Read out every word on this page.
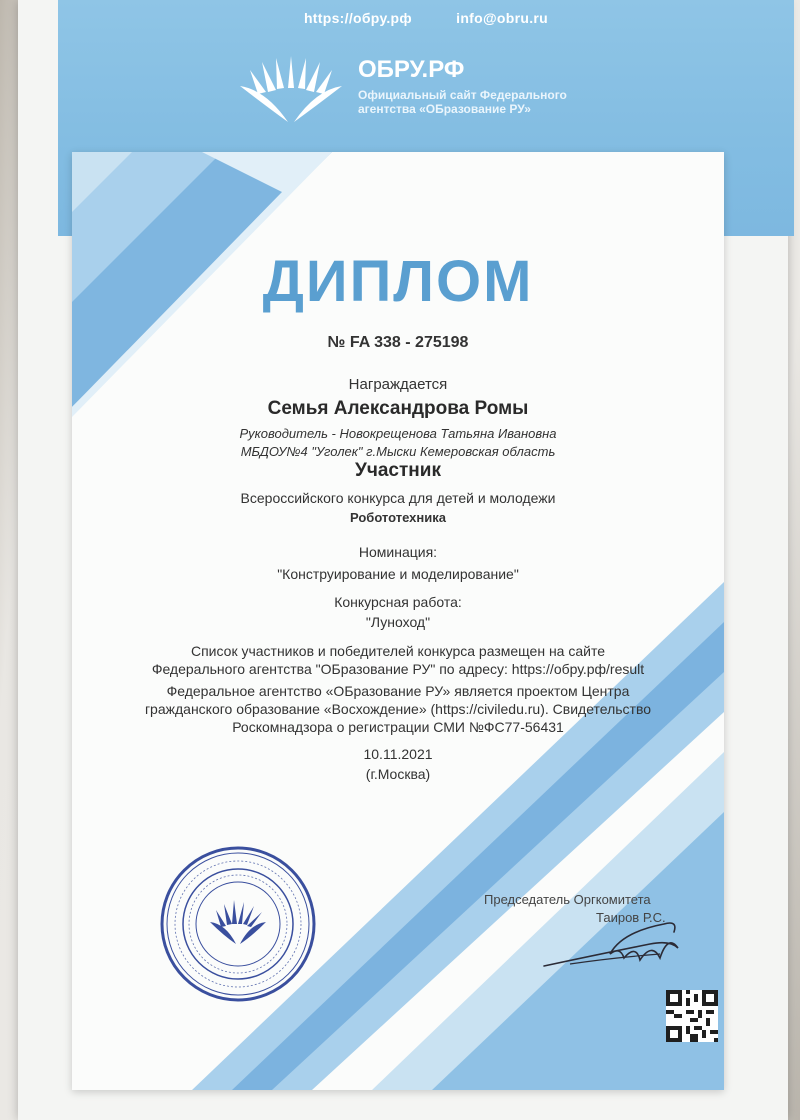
https://обру.рф	info@obru.ru
ОБРУ.РФ
Официальный сайт Федерального
агентства «ОБразование РУ»
ДИПЛОМ
№ FA 338 - 275198
Награждается
Семья Александрова Ромы
Руководитель - Новокрещенова Татьяна Ивановна
МБДОУ№4 "Уголек" г.Мыски Кемеровская область
Участник
Всероссийского конкурса для детей и молодежи
Робототехника
Номинация:
"Конструирование и моделирование"
Конкурсная работа:
"Луноход"
Список участников и победителей конкурса размещен на сайте
Федерального агентства "ОБразование РУ" по адресу: https://обру.рф/result
Федеральное агентство «ОБразование РУ» является проектом Центра
гражданского образование «Восхождение» (https://civiledu.ru). Свидетельство
Роскомнадзора о регистрации СМИ №ФС77-56431
10.11.2021
(г.Москва)
Председатель Оргкомитета
Таиров Р.С.
